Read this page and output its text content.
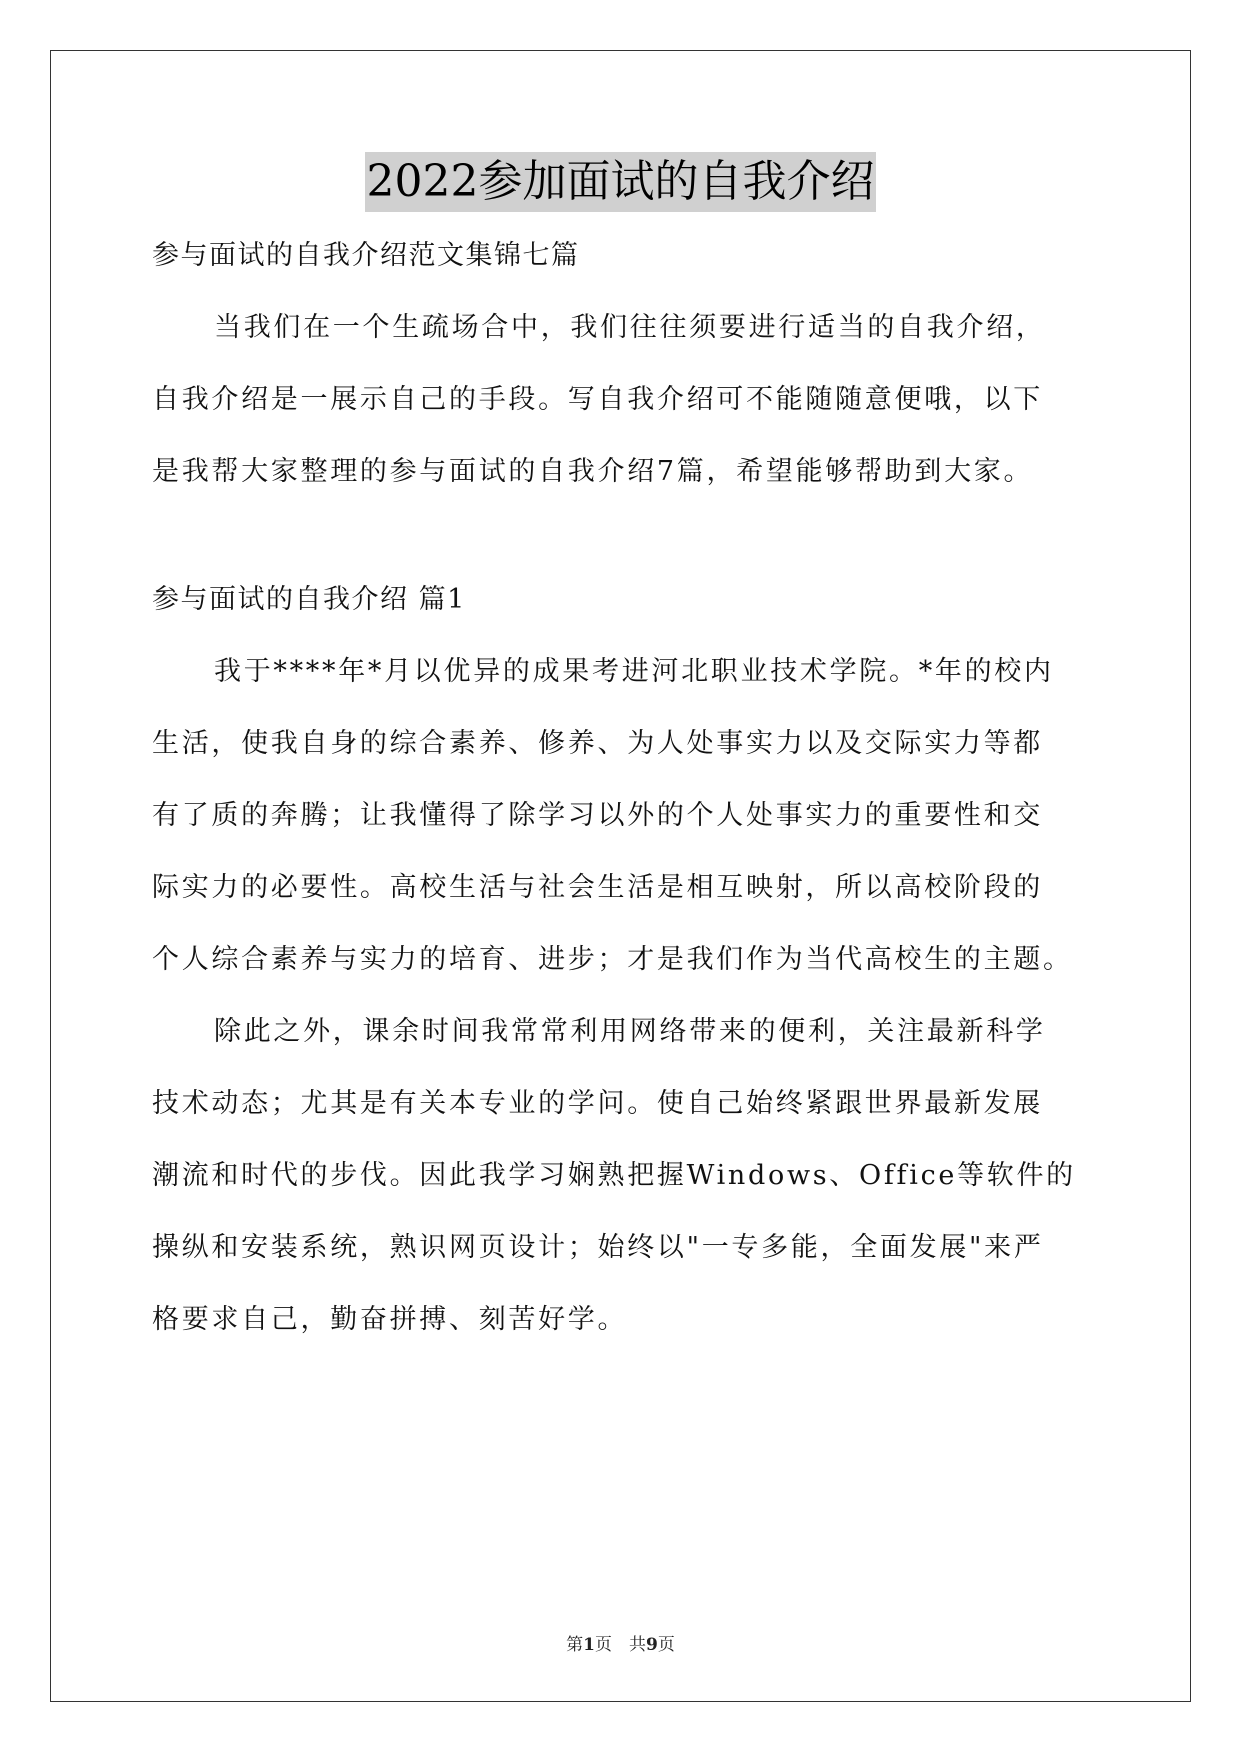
2022参加面试的自我介绍
参与面试的自我介绍范文集锦七篇
当我们在一个生疏场合中，我们往往须要进行适当的自我介绍，
自我介绍是一展示自己的手段。写自我介绍可不能随随意便哦，以下
是我帮大家整理的参与面试的自我介绍7篇，希望能够帮助到大家。
参与面试的自我介绍 篇1
我于****年*月以优异的成果考进河北职业技术学院。*年的校内
生活，使我自身的综合素养、修养、为人处事实力以及交际实力等都
有了质的奔腾；让我懂得了除学习以外的个人处事实力的重要性和交
际实力的必要性。高校生活与社会生活是相互映射，所以高校阶段的
个人综合素养与实力的培育、进步；才是我们作为当代高校生的主题。
除此之外，课余时间我常常利用网络带来的便利，关注最新科学
技术动态；尤其是有关本专业的学问。使自己始终紧跟世界最新发展
潮流和时代的步伐。因此我学习娴熟把握Windows、Office等软件的
操纵和安装系统，熟识网页设计；始终以"一专多能，全面发展"来严
格要求自己，勤奋拼搏、刻苦好学。
第1页　共9页
